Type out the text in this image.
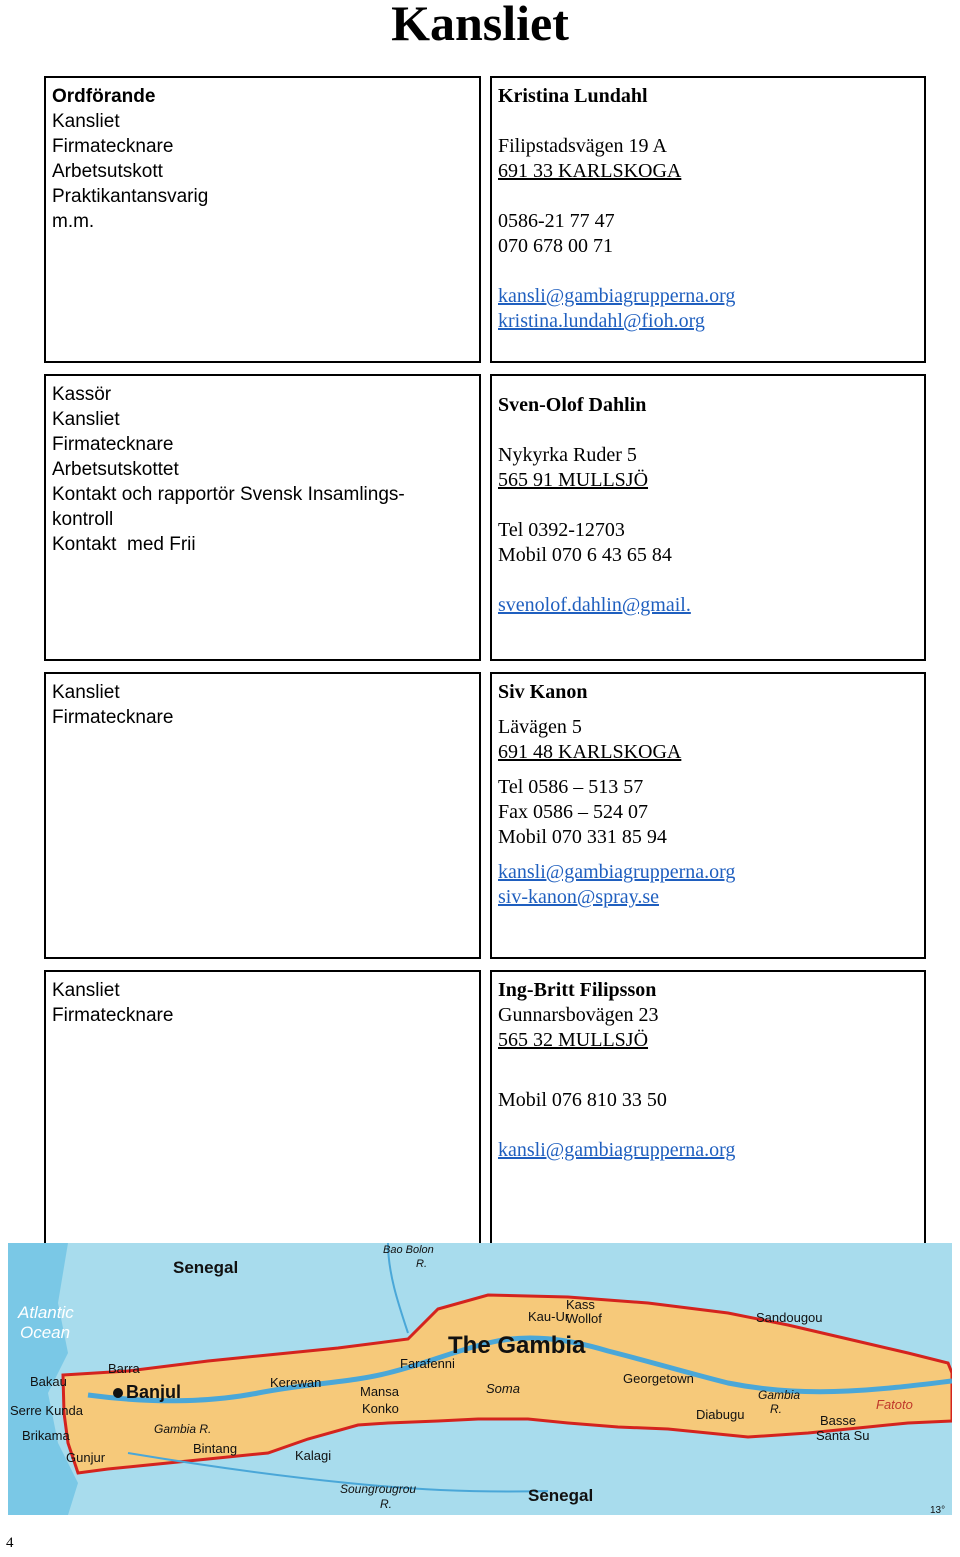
Kansliet
Ordförande
Kansliet
Firmatecknare
Arbetsutskott
Praktikantansvarig
m.m.
Kristina Lundahl
Filipstadsvägen 19 A
691 33 KARLSKOGA
0586-21 77 47
070 678 00 71
kansli@gambiagrupperna.org
kristina.lundahl@fioh.org
Kassör
Kansliet
Firmatecknare
Arbetsutskottet
Kontakt och rapportör Svensk Insamlings-
kontroll
Kontakt  med Frii
Sven-Olof Dahlin
Nykyrka Ruder 5
565 91 MULLSJÖ
Tel 0392-12703
Mobil 070 6 43 65 84
svenolof.dahlin@gmail.
Kansliet
Firmatecknare
Siv Kanon
Lävägen 5
691 48 KARLSKOGA
Tel 0586 – 513 57
Fax 0586 – 524 07
Mobil 070 331 85 94
kansli@gambiagrupperna.org
siv-kanon@spray.se
Kansliet
Firmatecknare
Ing-Britt Filipsson
Gunnarsbovägen 23
565 32 MULLSJÖ
Mobil 076 810 33 50
kansli@gambiagrupperna.org
Senegal
Senegal
Atlantic
Ocean	The Gambia
Banjul
Bakau
Barra
Serre Kunda
Brikama
Gunjur
Kerewan
Farafenni
Mansa
Konko
Bintang	Kalagi
Soma
Georgetown
Kass
Wollof
Kau-Ur
Diabugu	Basse
Santa Su
Fatoto
Sandougou
Bao Bolon
R.
Gambia R.
Gambia
R.
Soungrougrou
R.	13°
4
